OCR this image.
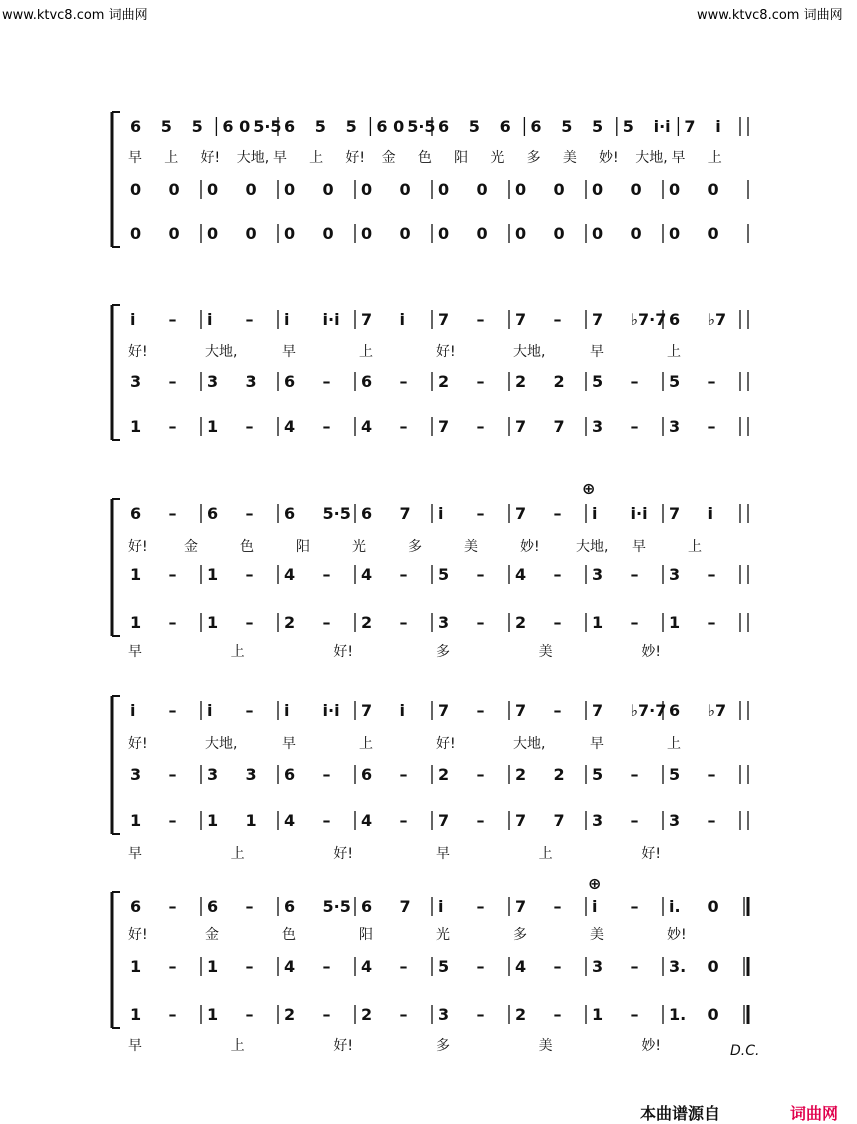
www.ktvc8.com 词曲网	www.ktvc8.com 词曲网
6 5 5 6 0 5·5 6 5 5 6 0 5·5 6 5 6 6 5 5 5 i·i 7 i
0 0 0 0 0 0 0 0 0 0 0 0 0 0 0 0
0 0 0 0 0 0 0 0 0 0 0 0 0 0 0 0
早 上 好! 大地, 早 上 好! 金 色 阳 光 多 美 妙! 大地, 早 上
i – i – i i·i 7 i 7 – 7 – 7 ♭7·7 6 ♭7
3 – 3 3 6 – 6 – 2 – 2 2 5 – 5 –
1 – 1 – 4 – 4 – 7 – 7 7 3 – 3 –
好!	大地,	早	上	好!	大地,	早	上
6 – 6 – 6 5·5 6 7 i – 7 – i i·i 7 i
1 – 1 – 4 – 4 – 5 – 4 – 3 – 3 –
1 – 1 – 2 – 2 – 3 – 2 – 1 – 1 –
好!	金	色	阳	光	多	美	妙!	大地, 早	上
早	上	好!	多	美	妙!
i – i – i i·i 7 i 7 – 7 – 7 ♭7·7 6 ♭7
3 – 3 3 6 – 6 – 2 – 2 2 5 – 5 –
1 – 1 1 4 – 4 – 7 – 7 7 3 – 3 –
好!	大地,	早	上	好!	大地,	早	上
早	上	好!	早	上	好!
6 – 6 – 6 5·5 6 7 i – 7 – i – i. 0
1 – 1 – 4 – 4 – 5 – 4 – 3 – 3. 0
1 – 1 – 2 – 2 – 3 – 2 – 1 – 1. 0
好!	金	色	阳	光	多	美	妙!
早	上	好!	多	美	妙!
⊕
⊕
D.C.
本曲谱源自	词曲网
